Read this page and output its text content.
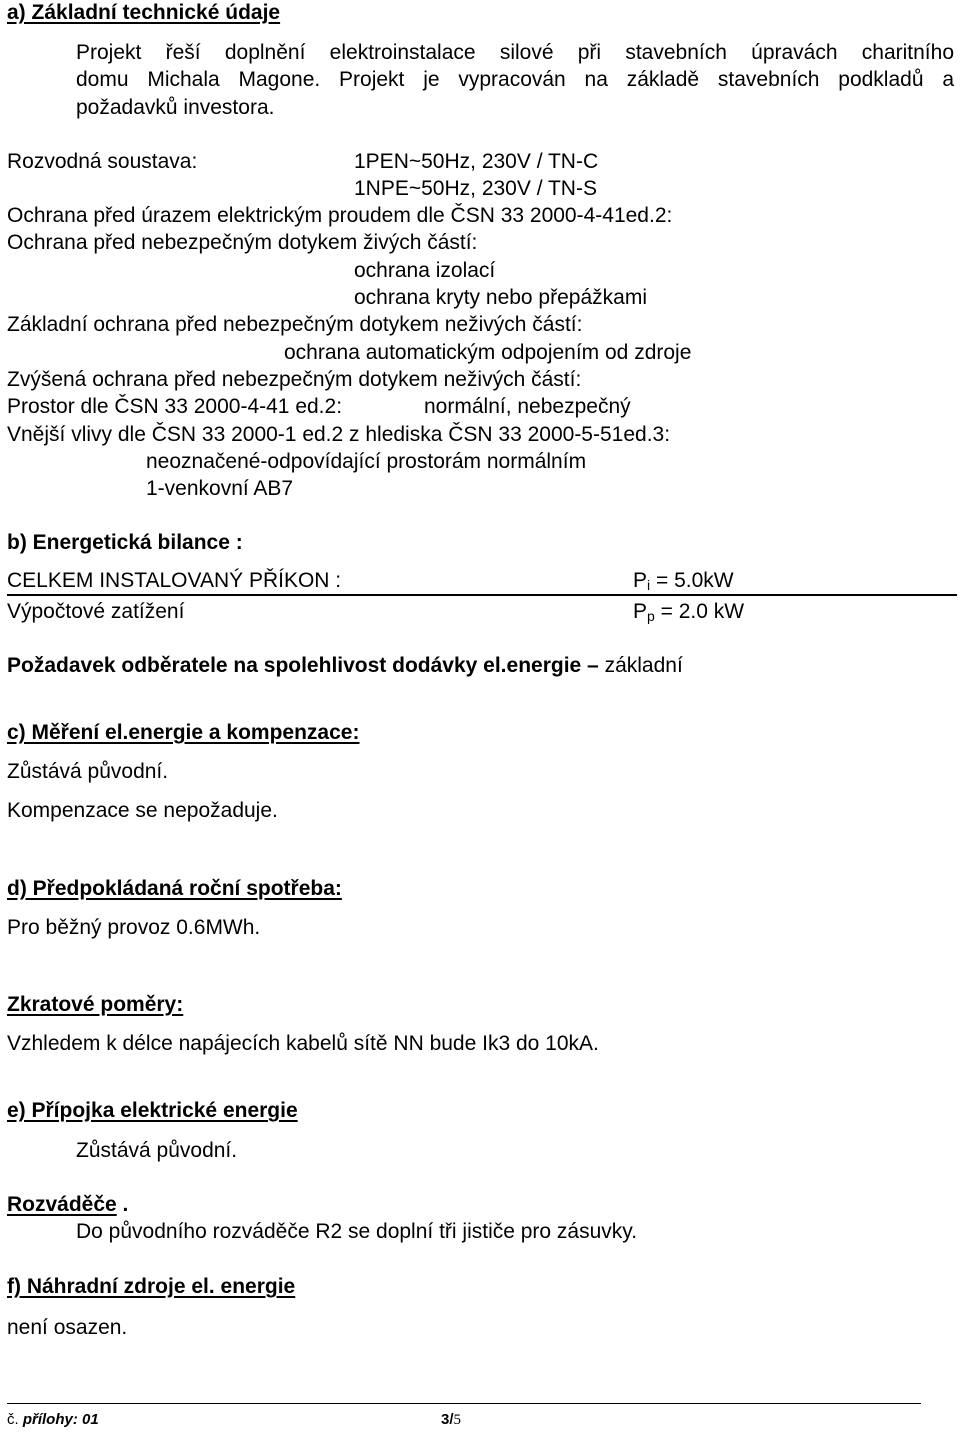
a) Základní technické údaje
Projekt řeší doplnění elektroinstalace silové při stavebních úpravách charitního
domu Michala Magone. Projekt je vypracován na základě stavebních podkladů a
požadavků investora.
Rozvodná soustava:	1PEN~50Hz, 230V / TN-C
1NPE~50Hz, 230V / TN-S
Ochrana před úrazem elektrickým proudem dle ČSN 33 2000-4-41ed.2:
Ochrana před nebezpečným dotykem živých částí:
ochrana izolací
ochrana kryty nebo přepážkami
Základní ochrana před nebezpečným dotykem neživých částí:
ochrana automatickým odpojením od zdroje
Zvýšená ochrana před nebezpečným dotykem neživých částí:
Prostor dle ČSN 33 2000-4-41 ed.2:	normální, nebezpečný
Vnější vlivy dle ČSN 33 2000-1 ed.2 z hlediska ČSN 33 2000-5-51ed.3:
neoznačené-odpovídající prostorám normálním
1-venkovní AB7
b) Energetická bilance :
CELKEM INSTALOVANÝ PŘÍKON :	Pi = 5.0kW
Výpočtové zatížení	Pp = 2.0 kW
Požadavek odběratele na spolehlivost dodávky el.energie – základní
c) Měření el.energie a kompenzace:
Zůstává původní.
Kompenzace se nepožaduje.
d) Předpokládaná roční spotřeba:
Pro běžný provoz 0.6MWh.
Zkratové poměry:
Vzhledem k délce napájecích kabelů sítě NN bude Ik3 do 10kA.
e) Přípojka elektrické energie
Zůstává původní.
Rozváděče .
Do původního rozváděče R2 se doplní tři jističe pro zásuvky.
f) Náhradní zdroje el. energie
není osazen.
č. přílohy: 01	3/5
